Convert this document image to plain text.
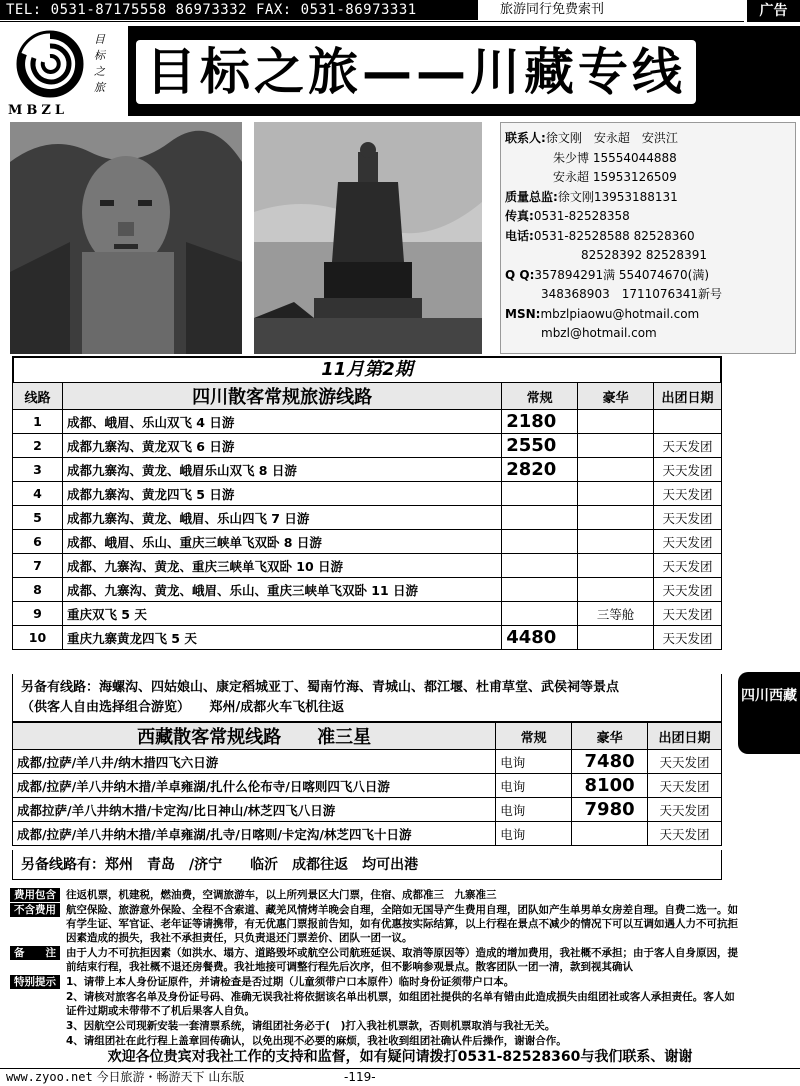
TEL: 0531-87175558 86973332 FAX: 0531-86973331	旅游同行免费索刊	广告
目标之旅
MBZL
目标之旅——川藏专线
联系人:徐文刚　安永超　安洪江
朱少博 15554044888
安永超 15953126509
质量总监:徐文刚13953188131
传真:0531-82528358
电话:0531-82528588 82528360
82528392 82528391
Q Q:357894291满 554074670(满)
348368903　1711076341新号
MSN:mbzlpiaowu@hotmail.com
mbzl@hotmail.com
11月第2期
线路	四川散客常规旅游线路	常规	豪华	出团日期
1	成都、峨眉、乐山双飞 4 日游	2180		
2	成都九寨沟、黄龙双飞 6 日游	2550		天天发团
3	成都九寨沟、黄龙、峨眉乐山双飞 8 日游	2820		天天发团
4	成都九寨沟、黄龙四飞 5 日游			天天发团
5	成都九寨沟、黄龙、峨眉、乐山四飞 7 日游			天天发团
6	成都、峨眉、乐山、重庆三峡单飞双卧 8 日游			天天发团
7	成都、九寨沟、黄龙、重庆三峡单飞双卧 10 日游			天天发团
8	成都、九寨沟、黄龙、峨眉、乐山、重庆三峡单飞双卧 11 日游			天天发团
9	重庆双飞 5 天		三等舱	天天发团
10	重庆九寨黄龙四飞 5 天	4480		天天发团
另备有线路：海螺沟、四姑娘山、康定稻城亚丁、蜀南竹海、青城山、都江堰、杜甫草堂、武侯祠等景点
（供客人自由选择组合游览）　　郑州/成都火车飞机往返
西藏散客常规线路　　 准三星	常规	豪华	出团日期
成都/拉萨/羊八井/纳木措四飞六日游	电询	7480	天天发团
成都/拉萨/羊八井纳木措/羊卓雍湖/扎什么伦布寺/日喀则四飞八日游	电询	8100	天天发团
成都拉萨/羊八井纳木措/卡定沟/比日神山/林芝四飞八日游	电询	7980	天天发团
成都/拉萨/羊八井纳木措/羊卓雍湖/扎寺/日喀则/卡定沟/林芝四飞十日游	电询		天天发团
另备线路有：郑州　青岛　/济宁　　临沂　成都往返　均可出港
四川西藏
费用包含 往返机票，机建税，燃油费，空调旅游车，以上所列景区大门票，住宿、成都准三　九寨准三
不含费用 航空保险、旅游意外保险、全程不含索道、藏羌风情烤羊晚会自理，全陪如无国导产生费用自理，团队如产生单男单女房差自理。自费二选一。如有学生证、军官证、老年证等请携带，有无优惠门票报前告知，如有优惠按实际结算，以上行程在景点不减少的情况下可以互调如遇人力不可抗拒因素造成的损失，我社不承担责任，只负责退还门票差价、团队一团一议。
备　　注 由于人力不可抗拒因素（如洪水、塌方、道路毁坏或航空公司航班延误、取消等原因等）造成的增加费用，我社概不承担；由于客人自身原因，提前结束行程，我社概不退还房餐费。我社地接可调整行程先后次序，但不影响参观景点。散客团队一团一清，款到视其确认
特别提示 1、请带上本人身份证原件，并请检查是否过期（儿童须带户口本原件）临时身份证须带户口本。
2、请核对旅客名单及身份证号码、准确无误我社将依据该名单出机票，如组团社提供的名单有错由此造成损失由组团社或客人承担责任。客人如证件过期或未带带不了机后果客人自负。
3、因航空公司现新安装一套清票系统，请组团社务必于(　)打入我社机票款，否则机票取消与我社无关。
4、请组团社在此行程上盖章回传确认，以免出现不必要的麻烦，我社收到组团社确认件后操作，谢谢合作。
欢迎各位贵宾对我社工作的支持和监督，如有疑问请拨打0531-82528360与我们联系、谢谢
www.zyoo.net 今日旅游・畅游天下 山东版	-119-
